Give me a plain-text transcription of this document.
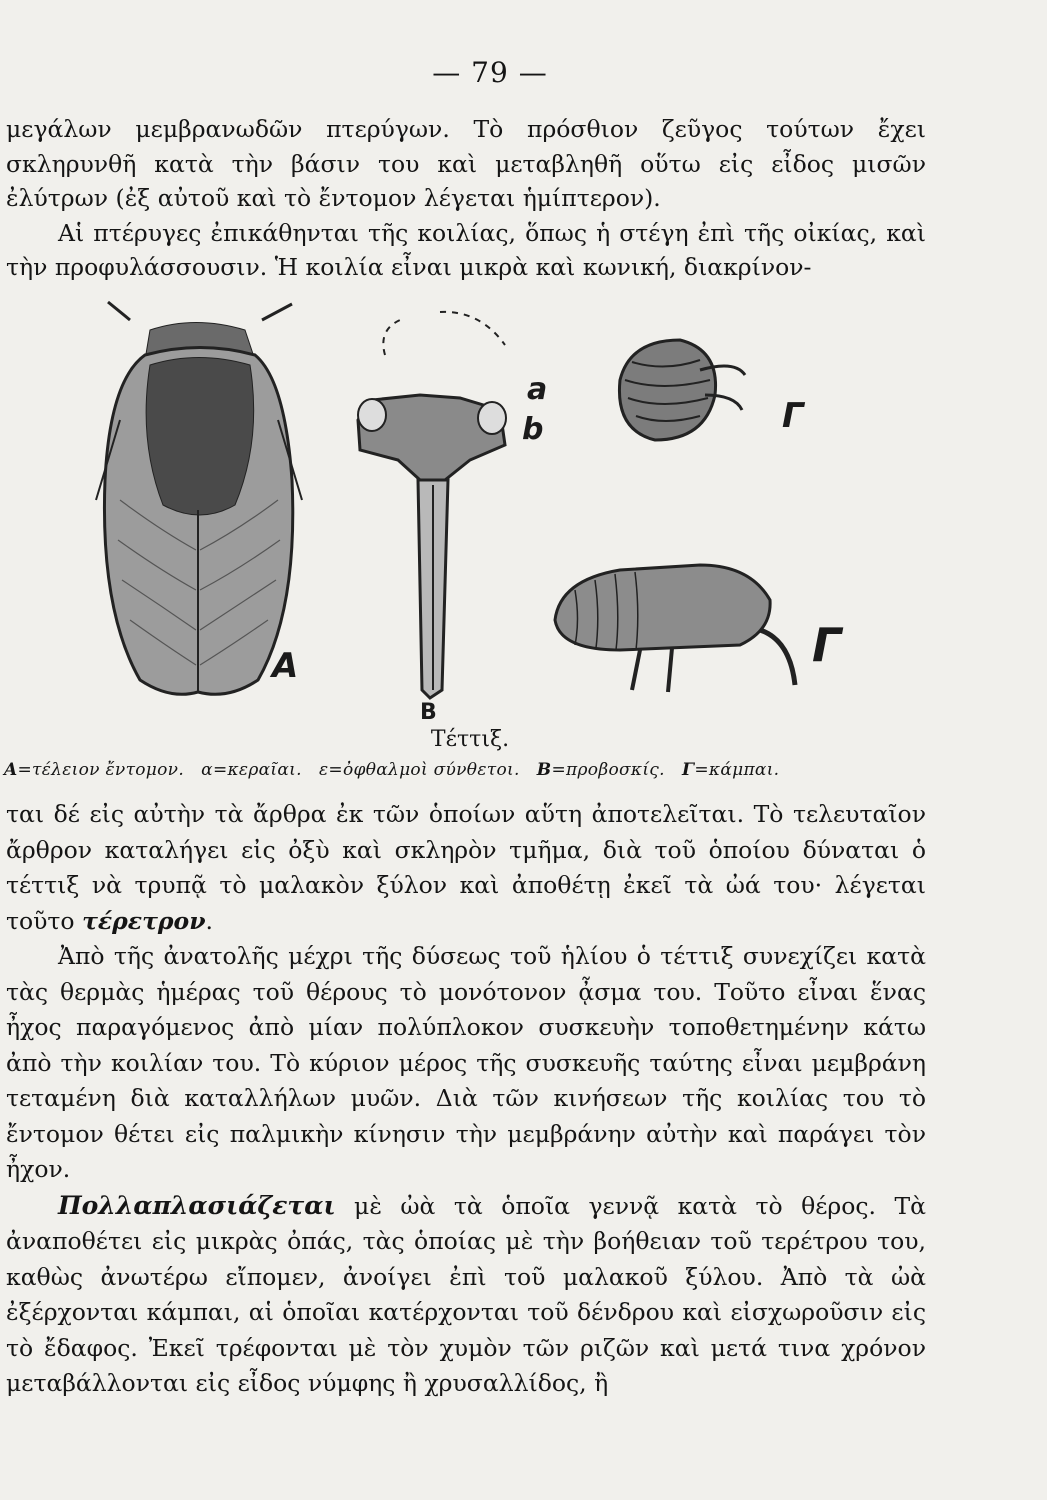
— 79 —

μεγάλων μεμβρανωδῶν πτερύγων. Τὸ πρόσθιον ζεῦγος τούτων ἔχει σκληρυνθῆ κατὰ τὴν βάσιν του καὶ μεταβληθῆ οὕτω εἰς εἶδος μισῶν ἐλύτρων (ἐξ αὐτοῦ καὶ τὸ ἔντομον λέγεται ἡμίπτερον).

Αἱ πτέρυγες ἐπικάθηνται τῆς κοιλίας, ὅπως ἡ στέγη ἐπὶ τῆς οἰκίας, καὶ τὴν προφυλάσσουσιν. Ἡ κοιλία εἶναι μικρὰ καὶ κωνική, διακρίνον-

A
B
a
b	Γ
Γ
Τέττιξ.
A=τέλειον ἔντομον. α=κεραῖαι. ε=ὀφθαλμοὶ σύνθετοι. B=προβοσκίς. Γ=κάμπαι.

ται δέ εἰς αὐτὴν τὰ ἄρθρα ἐκ τῶν ὁποίων αὕτη ἀποτελεῖται. Τὸ τελευταῖον ἄρθρον καταλήγει εἰς ὀξὺ καὶ σκληρὸν τμῆμα, διὰ τοῦ ὁποίου δύναται ὁ τέττιξ νὰ τρυπᾷ τὸ μαλακὸν ξύλον καὶ ἀποθέτῃ ἐκεῖ τὰ ὠά του· λέγεται τοῦτο τέρετρον.

Ἀπὸ τῆς ἀνατολῆς μέχρι τῆς δύσεως τοῦ ἡλίου ὁ τέττιξ συνεχίζει κατὰ τὰς θερμὰς ἡμέρας τοῦ θέρους τὸ μονότονον ᾆσμα του. Τοῦτο εἶναι ἕνας ἦχος παραγόμενος ἀπὸ μίαν πολύπλοκον συσκευὴν τοποθετημένην κάτω ἀπὸ τὴν κοιλίαν του. Τὸ κύριον μέρος τῆς συσκευῆς ταύτης εἶναι μεμβράνη τεταμένη διὰ καταλλήλων μυῶν. Διὰ τῶν κινήσεων τῆς κοιλίας του τὸ ἔντομον θέτει εἰς παλμικὴν κίνησιν τὴν μεμβράνην αὐτὴν καὶ παράγει τὸν ἦχον.

Πολλαπλασιάζεται μὲ ὠὰ τὰ ὁποῖα γεννᾷ κατὰ τὸ θέρος. Τὰ ἀναποθέτει εἰς μικρὰς ὀπάς, τὰς ὁποίας μὲ τὴν βοήθειαν τοῦ τερέτρου του, καθὼς ἀνωτέρω εἴπομεν, ἀνοίγει ἐπὶ τοῦ μαλακοῦ ξύλου. Ἀπὸ τὰ ὠὰ ἐξέρχονται κάμπαι, αἱ ὁποῖαι κατέρχονται τοῦ δένδρου καὶ εἰσχωροῦσιν εἰς τὸ ἔδαφος. Ἐκεῖ τρέφονται μὲ τὸν χυμὸν τῶν ριζῶν καὶ μετά τινα χρόνον μεταβάλλονται εἰς εἶδος νύμφης ἢ χρυσαλλίδος, ἢ
